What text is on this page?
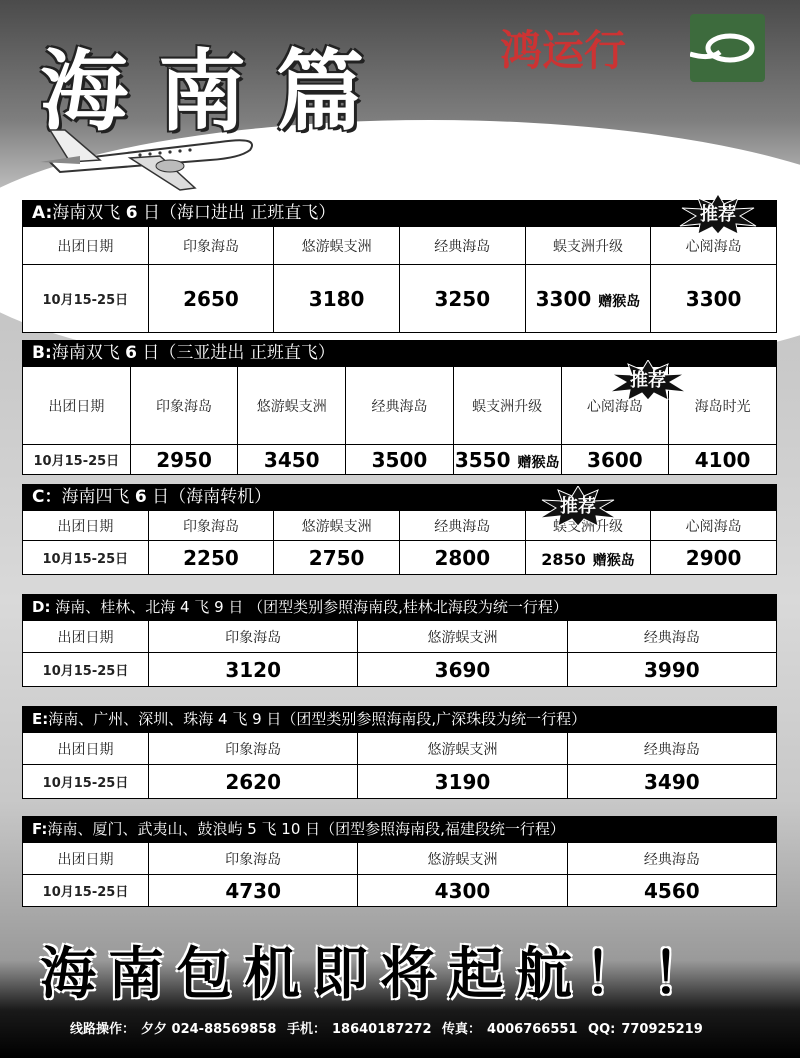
海南篇	鸿运行
A:海南双飞 6 日（海口进出 正班直飞）
出团日期	印象海岛	悠游蜈支洲	经典海岛	蜈支洲升级	心阅海岛
10月15-25日	2650	3180	3250	3300 赠猴岛	3300
推荐
B:海南双飞 6 日（三亚进出 正班直飞）
出团日期	印象海岛	悠游蜈支洲	经典海岛	蜈支洲升级	心阅海岛	海岛时光
10月15-25日	2950	3450	3500	3550 赠猴岛	3600	4100
推荐
C：海南四飞 6 日（海南转机）
出团日期	印象海岛	悠游蜈支洲	经典海岛	蜈支洲升级	心阅海岛
10月15-25日	2250	2750	2800	2850 赠猴岛	2900
推荐
D: 海南、桂林、北海 4 飞 9 日 （团型类别参照海南段,桂林北海段为统一行程）
出团日期	印象海岛	悠游蜈支洲	经典海岛
10月15-25日	3120	3690	3990
E:海南、广州、深圳、珠海 4 飞 9 日（团型类别参照海南段,广深珠段为统一行程）
出团日期	印象海岛	悠游蜈支洲	经典海岛
10月15-25日	2620	3190	3490
F:海南、厦门、武夷山、鼓浪屿 5 飞 10 日（团型参照海南段,福建段统一行程）
出团日期	印象海岛	悠游蜈支洲	经典海岛
10月15-25日	4730	4300	4560
海南包机即将起航！！
线路操作： 夕夕 024-88569858 手机： 18640187272 传真： 4006766551 QQ: 770925219
